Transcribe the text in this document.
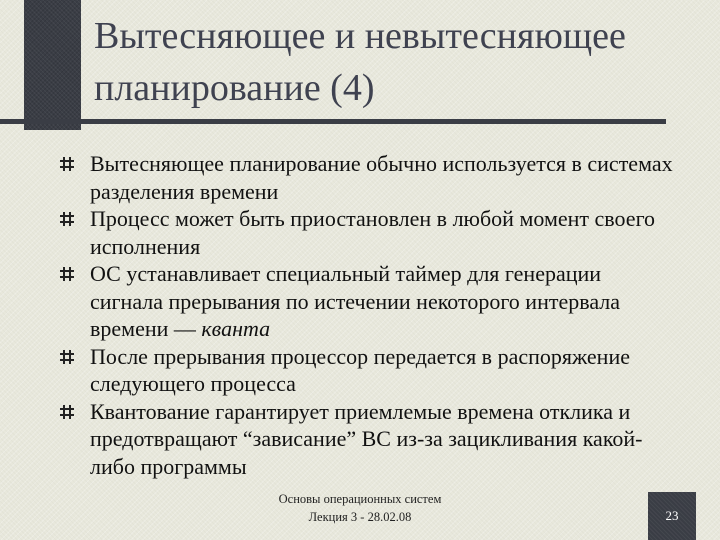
Вытесняющее и невытесняющее
планирование (4)
Вытесняющее планирование обычно используется в системах разделения времени
Процесс может быть приостановлен в любой момент своего исполнения
ОС устанавливает специальный таймер для генерации сигнала прерывания по истечении некоторого интервала времени — кванта
После прерывания процессор передается в распоряжение следующего процесса
Квантование гарантирует приемлемые времена отклика и предотвращают “зависание” ВС из-за зацикливания какой-либо программы
Основы операционных систем
Лекция 3 - 28.02.08	23
